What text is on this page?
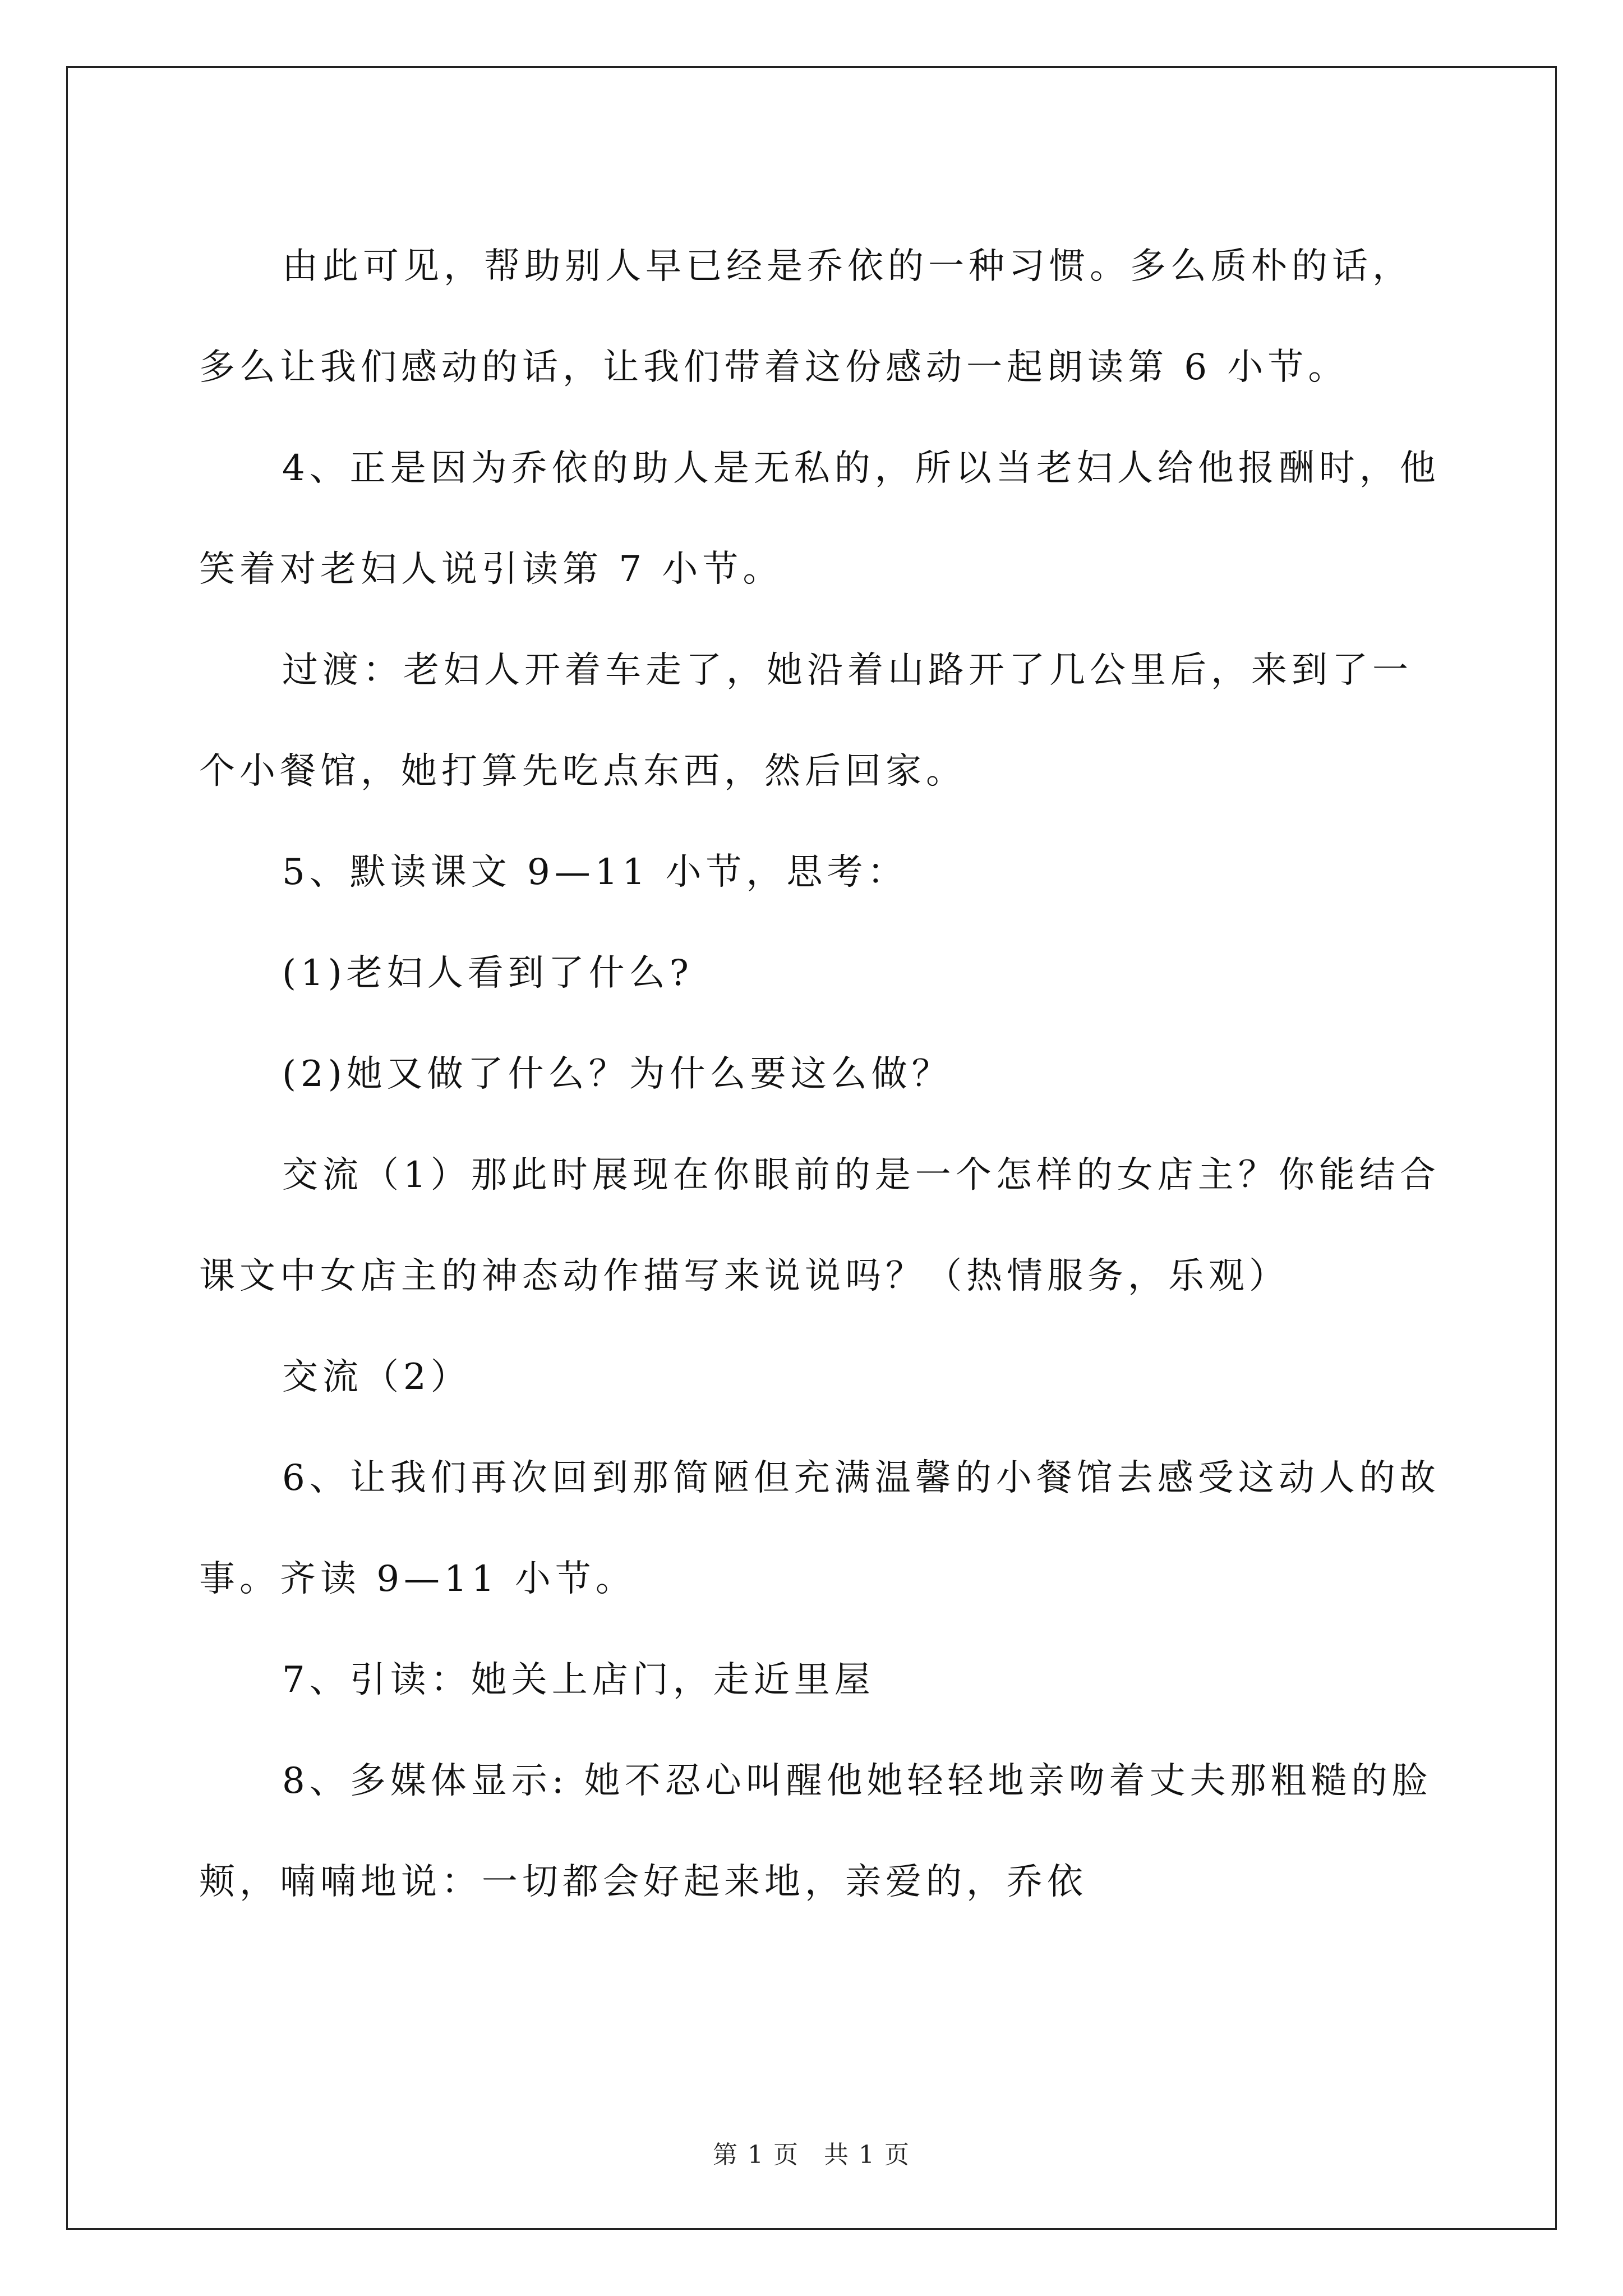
由此可见，帮助别人早已经是乔依的一种习惯。多么质朴的话，

多么让我们感动的话，让我们带着这份感动一起朗读第 6 小节。

4、正是因为乔依的助人是无私的，所以当老妇人给他报酬时，他

笑着对老妇人说引读第 7 小节。

过渡：老妇人开着车走了，她沿着山路开了几公里后，来到了一

个小餐馆，她打算先吃点东西，然后回家。

5、默读课文 9—11 小节，思考：

(1)老妇人看到了什么?

(2)她又做了什么？为什么要这么做？

交流（1）那此时展现在你眼前的是一个怎样的女店主？你能结合

课文中女店主的神态动作描写来说说吗？（热情服务，乐观）

交流（2）

6、让我们再次回到那简陋但充满温馨的小餐馆去感受这动人的故

事。齐读 9—11 小节。

7、引读：她关上店门，走近里屋

8、多媒体显示: 她不忍心叫醒他她轻轻地亲吻着丈夫那粗糙的脸

颊，喃喃地说：一切都会好起来地，亲爱的，乔依

第 1 页 共 1 页
